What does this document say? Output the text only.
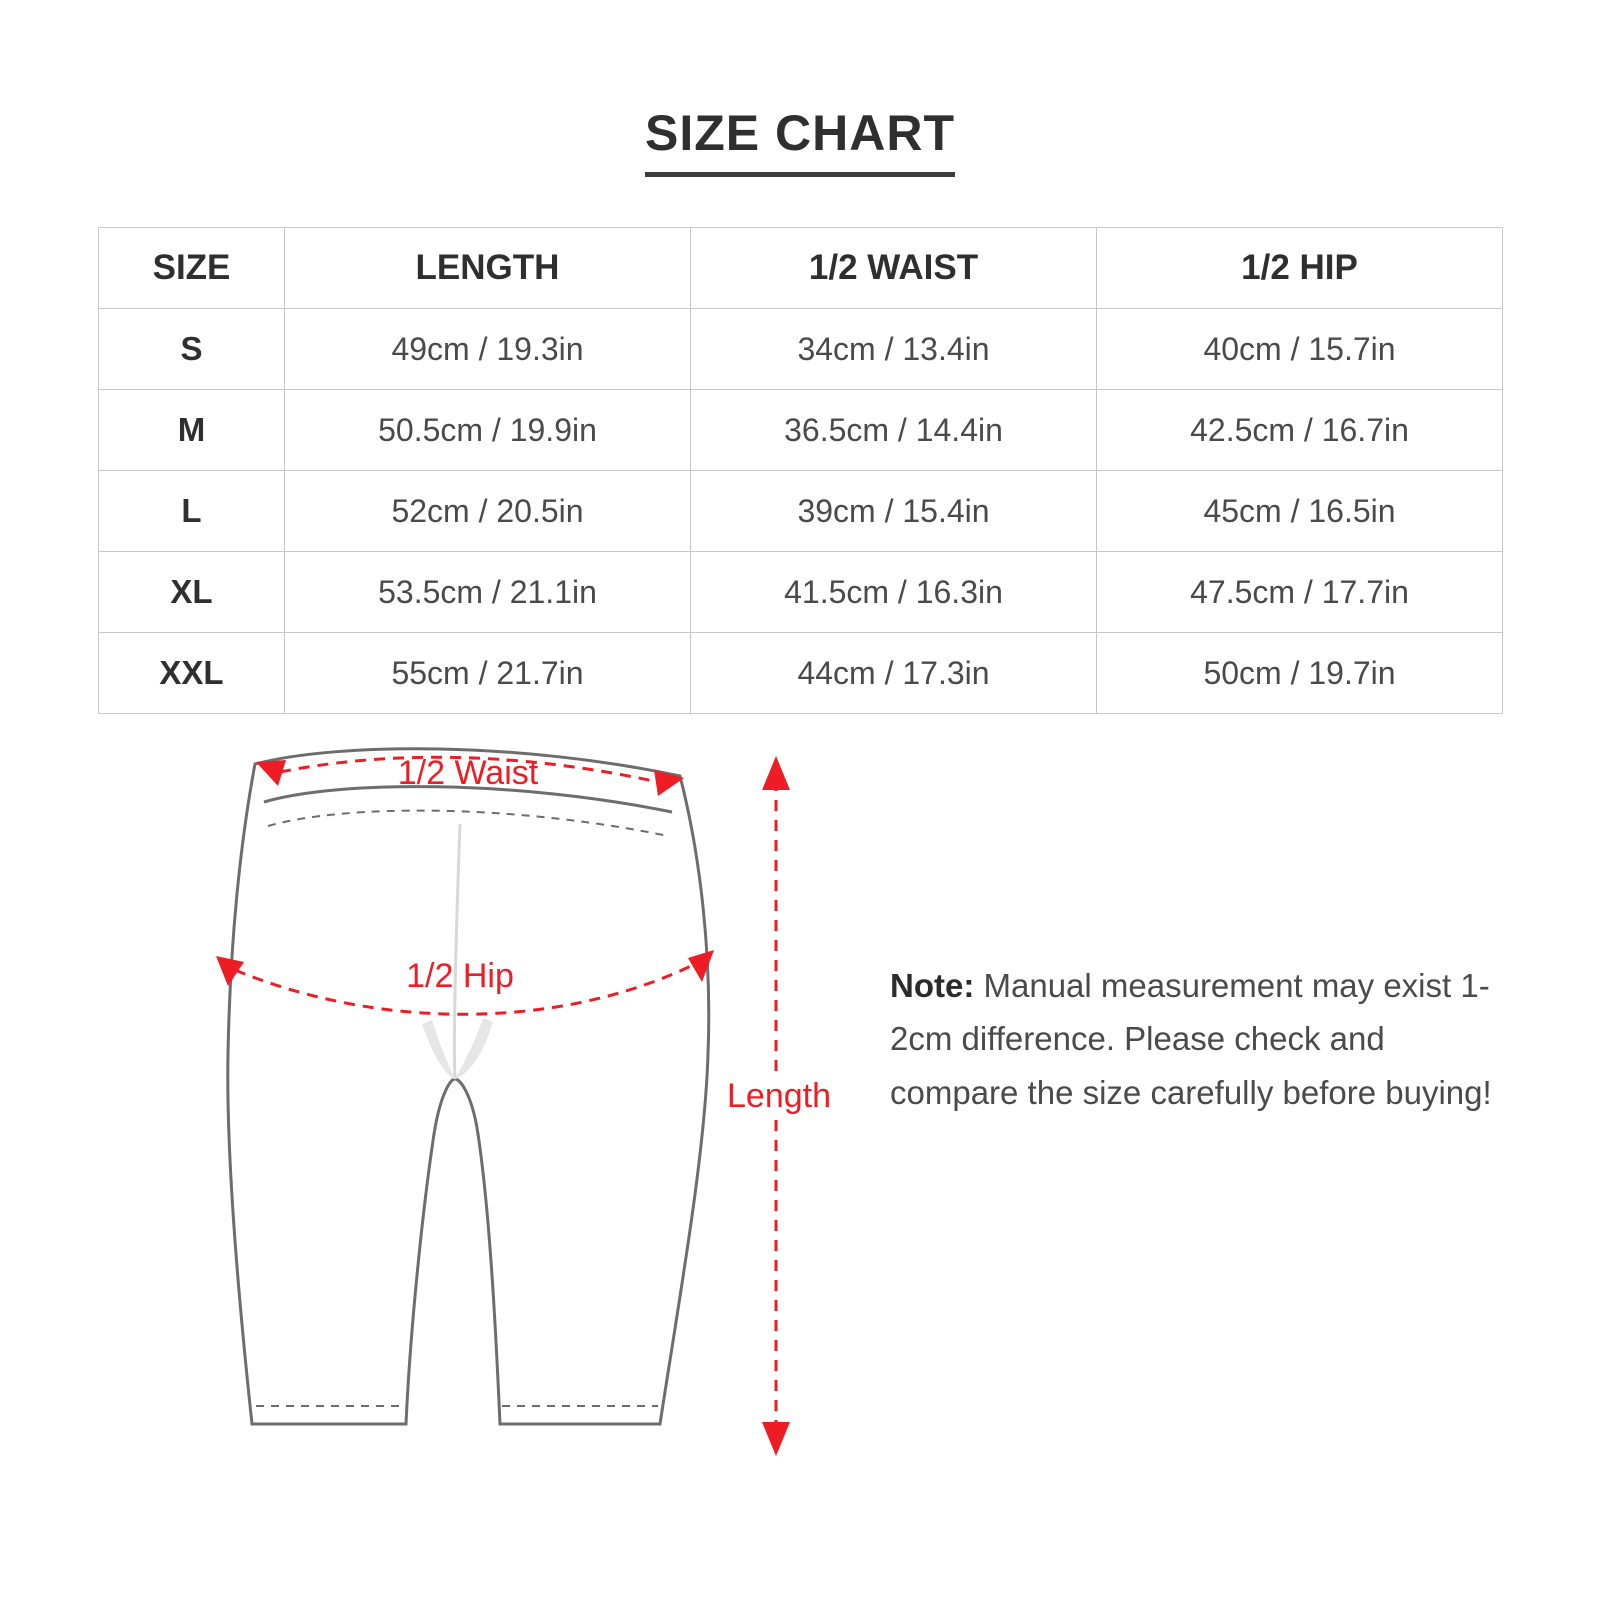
SIZE CHART
SIZE	LENGTH	1/2 WAIST	1/2 HIP
S	49cm / 19.3in	34cm / 13.4in	40cm / 15.7in
M	50.5cm / 19.9in	36.5cm / 14.4in	42.5cm / 16.7in
L	52cm / 20.5in	39cm / 15.4in	45cm / 16.5in
XL	53.5cm / 21.1in	41.5cm / 16.3in	47.5cm / 17.7in
XXL	55cm / 21.7in	44cm / 17.3in	50cm / 19.7in
1/2 Waist
1/2 Hip
Length
Note: Manual measurement may exist 1-2cm difference. Please check and compare the size carefully before buying!
